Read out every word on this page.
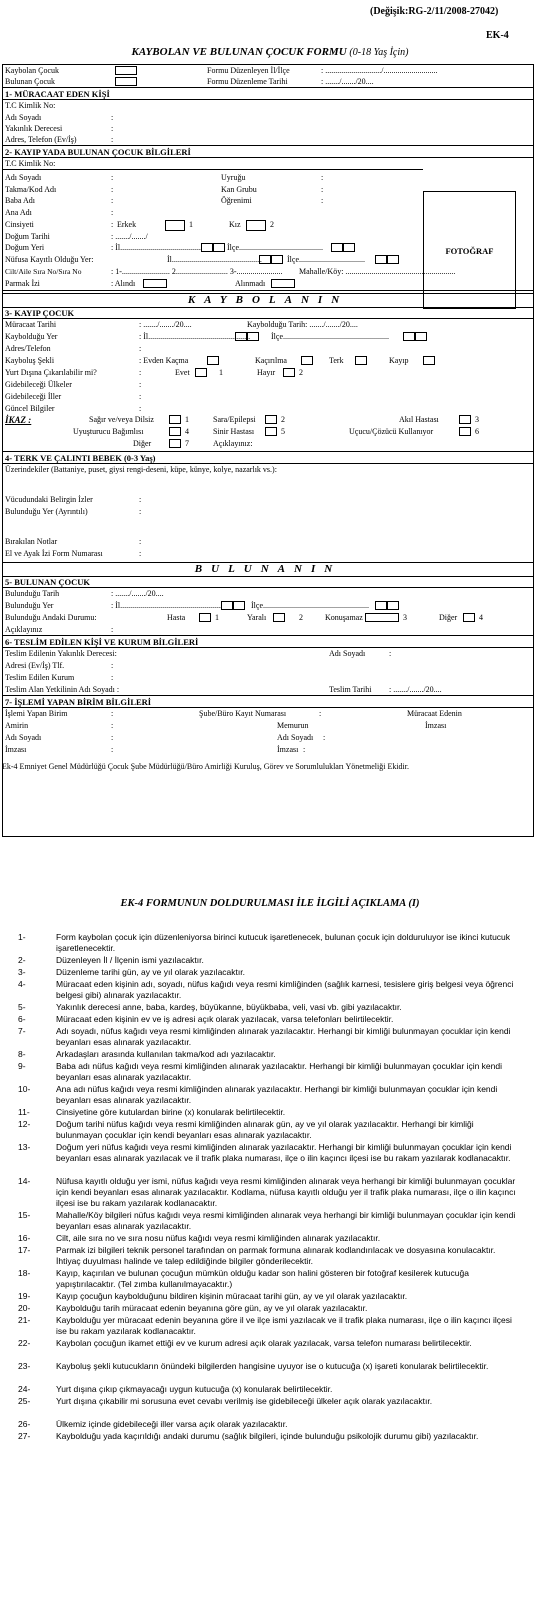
(Değişik:RG-2/11/2008-27042)
EK-4
KAYBOLAN VE BULUNAN ÇOCUK FORMU (0-18 Yaş İçin)
Kaybolan Çocuk	Formu Düzenleyen İl/İlçe	: ............................/...........................
Bulunan Çocuk	Formu Düzenleme Tarihi	: ......./......./20....
1- MÜRACAAT EDEN KİŞİ
T.C Kimlik No:
Adı Soyadı	:
Yakınlık Derecesi	:
Adres, Telefon (Ev/İş)	:
2- KAYIP YADA BULUNAN ÇOCUK BİLGİLERİ
T.C Kimlik No:
Adı Soyadı	:	Uyruğu	:
Takma/Kod Adı	:	Kan Grubu	:
Baba Adı	:	Öğrenimi	:
Ana Adı	:
Cinsiyeti	: Erkek	1	Kız	2
Doğum Tarihi	: ......./......./
Doğum Yeri	: İl.........................................	İlçe..........................................
Nüfusa Kayıtlı Olduğu Yer:	İl.............................................	İlçe.................................
Cilt/Aile Sıra No/Sıra No	: 1-........................ 2.......................... 3-....................... Mahalle/Köy: .......................................................
Parmak İzi	: Alındı	Alınmadı
FOTOĞRAF
KAYBOLANIN
3- KAYIP ÇOCUK
Müracaat Tarihi	: ......./......./20....	Kaybolduğu Tarih: ......./......./20....
Kaybolduğu Yer	: İl...................................................	İlçe.....................................................
Adres/Telefon	:
Kayboluş Şekli	: Evden Kaçma	Kaçırılma	Terk	Kayıp
Yurt Dışına Çıkarılabilir mi?	:	Evet	1	Hayır	2
Gidebileceği Ülkeler	:
Gidebileceği İller	:
Güncel Bilgiler	:
İKAZ :	Sağır ve/veya Dilsiz	1	Sara/Epilepsi	2	Akıl Hastası	3
Uyuşturucu Bağımlısı	4	Sinir Hastası	5	Uçucu/Çözücü Kullanıyor	6
Diğer	7	Açıklayınız:
4- TERK VE ÇALINTI BEBEK (0-3 Yaş)
Üzerindekiler (Battaniye, puset, giysi rengi-deseni, küpe, künye, kolye, nazarlık vs.):
Vücudundaki Belirgin İzler	:
Bulunduğu Yer (Ayrıntılı)	:
Bırakılan Notlar	:
El ve Ayak İzi Form Numarası	:
BULUNANIN
5- BULUNAN ÇOCUK
Bulunduğu Tarih	: ......./......./20....
Bulunduğu Yer	: İl...................................................	İlçe.....................................................
Bulunduğu Andaki Durumu:	Hasta	1	Yaralı	2	Konuşamaz	3	Diğer	4
Açıklayınız	:
6- TESLİM EDİLEN KİŞİ VE KURUM BİLGİLERİ
Teslim Edilenin Yakınlık Derecesi:	Adı Soyadı	:
Adresi (Ev/İş) Tlf.	:
Teslim Edilen Kurum	:
Teslim Alan Yetkilinin Adı Soyadı :	Teslim Tarihi : ......./......./20....
7- İŞLEMİ YAPAN BİRİM BİLGİLERİ
İşlemi Yapan Birim	:	Şube/Büro Kayıt Numarası	:	Müracaat Edenin
Amirin	:	Memurun	İmzası
Adı Soyadı	:	Adı Soyadı :
İmzası	:	İmzası :
Ek-4 Emniyet Genel Müdürlüğü Çocuk Şube Müdürlüğü/Büro Amirliği Kuruluş, Görev ve Sorumlulukları Yönetmeliği Ekidir.
EK-4 FORMUNUN DOLDURULMASI İLE İLGİLİ AÇIKLAMA (I)
1-	Form kaybolan çocuk için düzenleniyorsa birinci kutucuk işaretlenecek, bulunan çocuk için dolduruluyor ise ikinci kutucuk işaretlenecektir.
2-	Düzenleyen İl / İlçenin ismi yazılacaktır.
3-	Düzenleme tarihi gün, ay ve yıl olarak yazılacaktır.
4-	Müracaat eden kişinin adı, soyadı, nüfus kağıdı veya resmi kimliğinden (sağlık karnesi, tesislere giriş belgesi veya öğrenci belgesi gibi) alınarak yazılacaktır.
5-	Yakınlık derecesi anne, baba, kardeş, büyükanne, büyükbaba, veli, vasi vb. gibi yazılacaktır.
6-	Müracaat eden kişinin ev ve iş adresi açık olarak yazılacak, varsa telefonları belirtilecektir.
7-	Adı soyadı, nüfus kağıdı veya resmi kimliğinden alınarak yazılacaktır. Herhangi bir kimliği bulunmayan çocuklar için kendi beyanları esas alınarak yazılacaktır.
8-	Arkadaşları arasında kullanılan takma/kod adı yazılacaktır.
9-	Baba adı nüfus kağıdı veya resmi kimliğinden alınarak yazılacaktır. Herhangi bir kimliği bulunmayan çocuklar için kendi beyanları esas alınarak yazılacaktır.
10-	Ana adı nüfus kağıdı veya resmi kimliğinden alınarak yazılacaktır. Herhangi bir kimliği bulunmayan çocuklar için kendi beyanları esas alınarak yazılacaktır.
11-	Cinsiyetine göre kutulardan birine (x) konularak belirtilecektir.
12-	Doğum tarihi nüfus kağıdı veya resmi kimliğinden alınarak gün, ay ve yıl olarak yazılacaktır. Herhangi bir kimliği bulunmayan çocuklar için kendi beyanları esas alınarak yazılacaktır.
13-	Doğum yeri nüfus kağıdı veya resmi kimliğinden alınarak yazılacaktır. Herhangi bir kimliği bulunmayan çocuklar için kendi beyanları esas alınarak yazılacak ve il trafik plaka numarası, ilçe o ilin kaçıncı ilçesi ise bu rakam yazılarak kodlanacaktır.
14-	Nüfusa kayıtlı olduğu yer ismi, nüfus kağıdı veya resmi kimliğinden alınarak veya herhangi bir kimliği bulunmayan çocuklar için kendi beyanları esas alınarak yazılacaktır. Kodlama, nüfusa kayıtlı olduğu yer il trafik plaka numarası, ilçe o ilin kaçıncı ilçesi ise bu rakam yazılarak kodlanacaktır.
15-	Mahalle/Köy bilgileri nüfus kağıdı veya resmi kimliğinden alınarak veya herhangi bir kimliği bulunmayan çocuklar için kendi beyanları esas alınarak yazılacaktır.
16-	Cilt, aile sıra no ve sıra nosu nüfus kağıdı veya resmi kimliğinden alınarak yazılacaktır.
17-	Parmak izi bilgileri teknik personel tarafından on parmak formuna alınarak kodlandırılacak ve dosyasına konulacaktır. İhtiyaç duyulması halinde ve talep edildiğinde bilgiler gönderilecektir.
18-	Kayıp, kaçırılan ve bulunan çocuğun mümkün olduğu kadar son halini gösteren bir fotoğraf kesilerek kutucuğa yapıştırılacaktır. (Tel zımba kullanılmayacaktır.)
19-	Kayıp çocuğun kaybolduğunu bildiren kişinin müracaat tarihi gün, ay ve yıl olarak yazılacaktır.
20-	Kaybolduğu tarih müracaat edenin beyanına göre gün, ay ve yıl olarak yazılacaktır.
21-	Kaybolduğu yer müracaat edenin beyanına göre il ve ilçe ismi yazılacak ve il trafik plaka numarası, ilçe o ilin kaçıncı ilçesi ise bu rakam yazılarak kodlanacaktır.
22-	Kaybolan çocuğun ikamet ettiği ev ve kurum adresi açık olarak yazılacak, varsa telefon numarası belirtilecektir.
23-	Kayboluş şekli kutucukların önündeki bilgilerden hangisine uyuyor ise o kutucuğa (x) işareti konularak belirtilecektir.
24-	Yurt dışına çıkıp çıkmayacağı uygun kutucuğa (x) konularak belirtilecektir.
25-	Yurt dışına çıkabilir mi sorusuna evet cevabı verilmiş ise gidebileceği ülkeler açık olarak yazılacaktır.
26-	Ülkemiz içinde gidebileceği iller varsa açık olarak yazılacaktır.
27-	Kaybolduğu yada kaçırıldığı andaki durumu (sağlık bilgileri, içinde bulunduğu psikolojik durumu gibi) yazılacaktır.
